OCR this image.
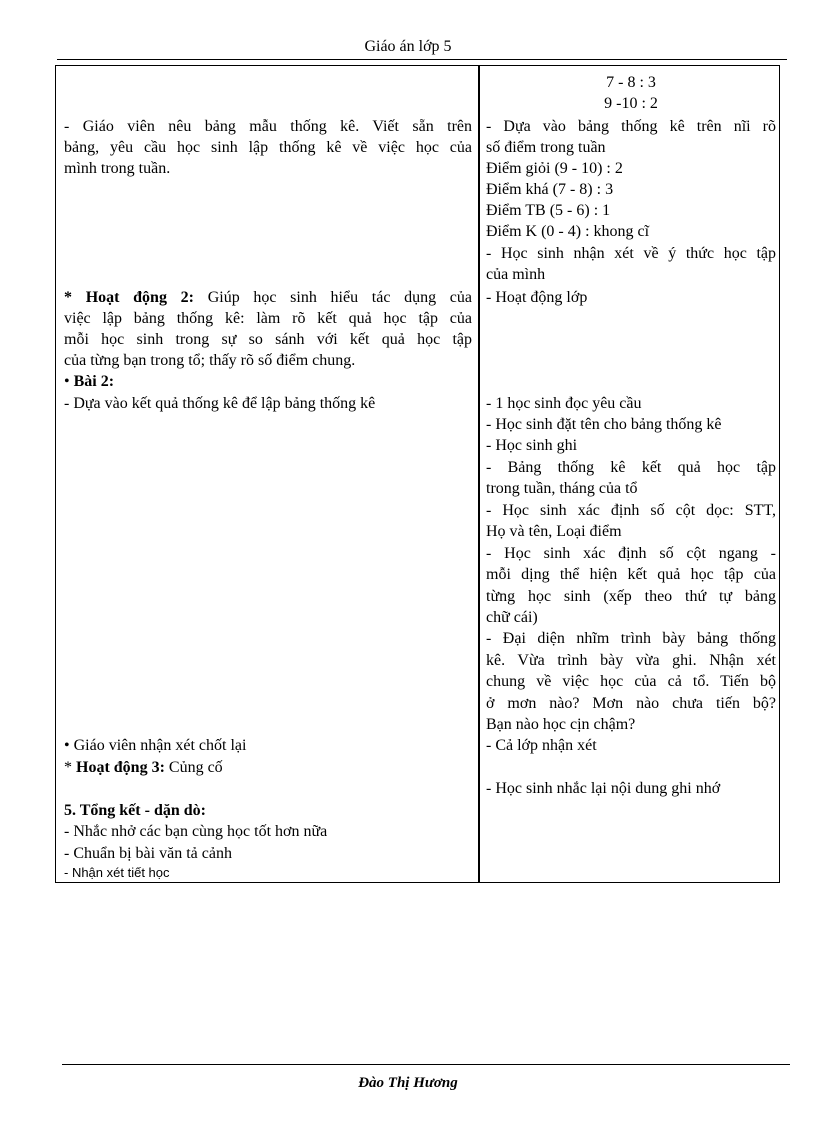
Giáo án lớp 5
- Giáo viên nêu bảng mẫu thống kê. Viết sẵn trên
bảng, yêu cầu học sinh lập thống kê về việc học của
mình trong tuần.
* Hoạt động 2: Giúp học sinh hiểu tác dụng của
việc lập bảng thống kê: làm rõ kết quả học tập của
mỗi học sinh trong sự so sánh với kết quả học tập
của từng bạn trong tổ; thấy rõ số điểm chung.
• Bài 2:
- Dựa vào kết quả thống kê để lập bảng thống kê
• Giáo viên nhận xét chốt lại
* Hoạt động 3: Củng cố
5. Tổng kết - dặn dò:
- Nhắc nhở các bạn cùng học tốt hơn nữa
- Chuẩn bị bài văn tả cảnh
- Nhận xét tiết học
7 - 8 : 3
9 -10 : 2
- Dựa vào bảng thống kê trên nĩi rõ
số điểm trong tuần
Điểm giỏi (9 - 10) : 2
Điểm khá (7 - 8) : 3
Điểm TB (5 - 6) : 1
Điểm K (0 - 4) : khong cĩ
- Học sinh nhận xét về ý thức học tập
của mình
- Hoạt động lớp
- 1 học sinh đọc yêu cầu
- Học sinh đặt tên cho bảng thống kê
- Học sinh ghi
- Bảng thống kê kết quả học tập
trong tuần, tháng của tổ
- Học sinh xác định số cột dọc: STT,
Họ và tên, Loại điểm
- Học sinh xác định số cột ngang -
mỗi dịng thể hiện kết quả học tập của
từng học sinh (xếp theo thứ tự bảng
chữ cái)
- Đại diện nhĩm trình bày bảng thống
kê. Vừa trình bày vừa ghi. Nhận xét
chung về việc học của cả tổ. Tiến bộ
ở mơn nào? Mơn nào chưa tiến bộ?
Bạn nào học cịn chậm?
- Cả lớp nhận xét
- Học sinh nhắc lại nội dung ghi nhớ
Đào Thị Hương
